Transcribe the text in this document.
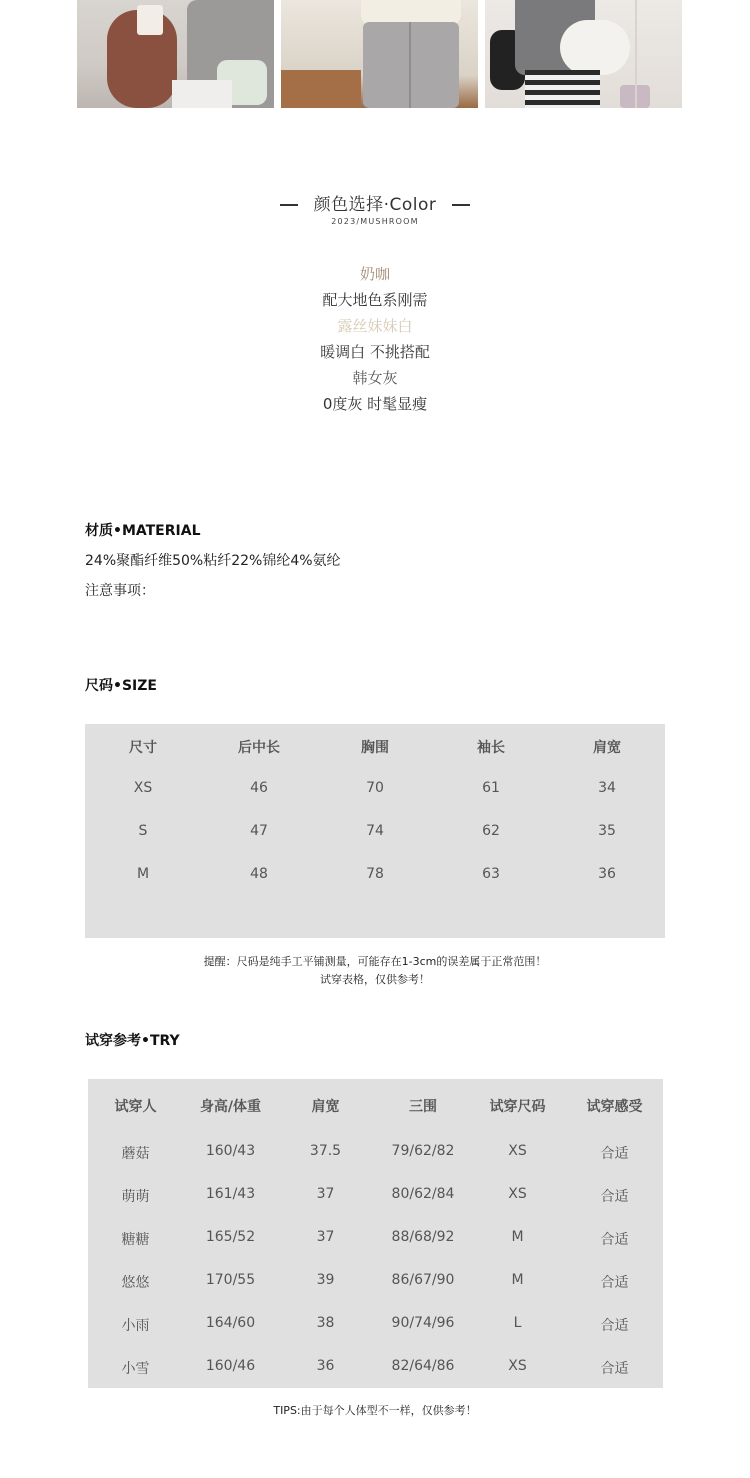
颜色选择·Color
2023/MUSHROOM
奶咖
配大地色系刚需
露丝妹妹白
暖调白 不挑搭配
韩女灰
0度灰 时髦显瘦
材质•MATERIAL
24%聚酯纤维50%粘纤22%锦纶4%氨纶
注意事项：
尺码•SIZE
尺寸	后中长	胸围	袖长	肩宽
XS	46	70	61	34
S	47	74	62	35
M	48	78	63	36
提醒：尺码是纯手工平铺测量，可能存在1-3cm的误差属于正常范围！
试穿表格，仅供参考！
试穿参考•TRY
试穿人	身高/体重	肩宽	三围	试穿尺码	试穿感受
蘑菇	160/43	37.5	79/62/82	XS	合适
萌萌	161/43	37	80/62/84	XS	合适
糖糖	165/52	37	88/68/92	M	合适
悠悠	170/55	39	86/67/90	M	合适
小雨	164/60	38	90/74/96	L	合适
小雪	160/46	36	82/64/86	XS	合适
TIPS:由于每个人体型不一样，仅供参考！
